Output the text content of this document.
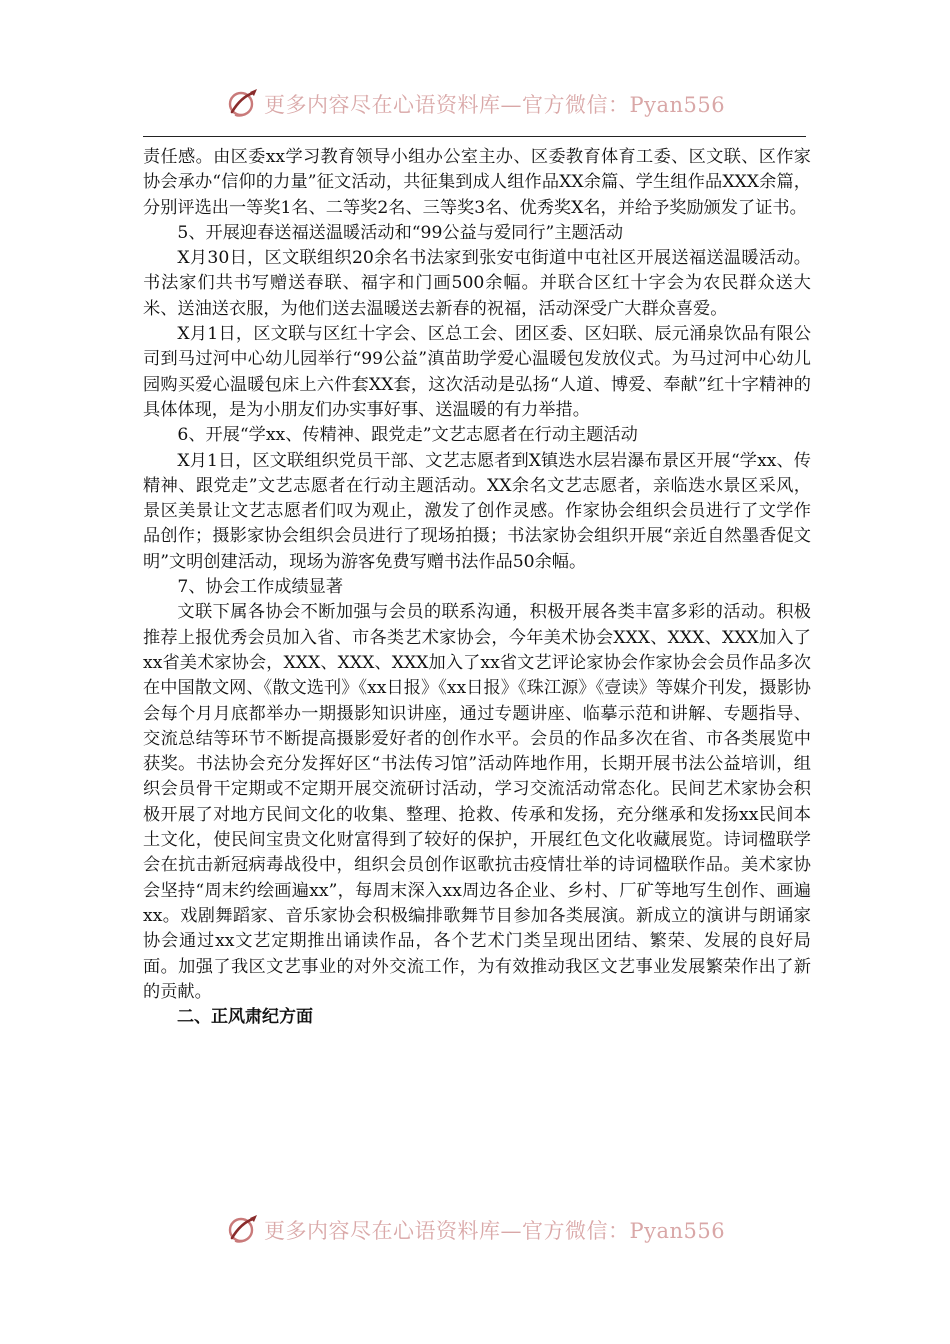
更多内容尽在心语资料库—官方微信：Pyan556

责任感。由区委xx学习教育领导小组办公室主办、区委教育体育工委、区文联、区作家协会承办“信仰的力量”征文活动，共征集到成人组作品XX余篇、学生组作品XXX余篇，分别评选出一等奖1名、二等奖2名、三等奖3名、优秀奖X名，并给予奖励颁发了证书。

5、开展迎春送福送温暖活动和“99公益与爱同行”主题活动

X月30日，区文联组织20余名书法家到张安屯街道中屯社区开展送福送温暖活动。书法家们共书写赠送春联、福字和门画500余幅。并联合区红十字会为农民群众送大米、送油送衣服，为他们送去温暖送去新春的祝福，活动深受广大群众喜爱。

X月1日，区文联与区红十字会、区总工会、团区委、区妇联、辰元涌泉饮品有限公司到马过河中心幼儿园举行“99公益”滇苗助学爱心温暖包发放仪式。为马过河中心幼儿园购买爱心温暖包床上六件套XX套，这次活动是弘扬“人道、博爱、奉献”红十字精神的具体体现，是为小朋友们办实事好事、送温暖的有力举措。

6、开展“学xx、传精神、跟党走”文艺志愿者在行动主题活动

X月1日，区文联组织党员干部、文艺志愿者到X镇迭水层岩瀑布景区开展“学xx、传精神、跟党走”文艺志愿者在行动主题活动。XX余名文艺志愿者，亲临迭水景区采风，景区美景让文艺志愿者们叹为观止，激发了创作灵感。作家协会组织会员进行了文学作品创作；摄影家协会组织会员进行了现场拍摄；书法家协会组织开展“亲近自然墨香促文明”文明创建活动，现场为游客免费写赠书法作品50余幅。

7、协会工作成绩显著

文联下属各协会不断加强与会员的联系沟通，积极开展各类丰富多彩的活动。积极推荐上报优秀会员加入省、市各类艺术家协会，今年美术协会XXX、XXX、XXX加入了xx省美术家协会，XXX、XXX、XXX加入了xx省文艺评论家协会作家协会会员作品多次在中国散文网、《散文选刊》《xx日报》《xx日报》《珠江源》《壹读》等媒介刊发，摄影协会每个月月底都举办一期摄影知识讲座，通过专题讲座、临摹示范和讲解、专题指导、交流总结等环节不断提高摄影爱好者的创作水平。会员的作品多次在省、市各类展览中获奖。书法协会充分发挥好区“书法传习馆”活动阵地作用，长期开展书法公益培训，组织会员骨干定期或不定期开展交流研讨活动，学习交流活动常态化。民间艺术家协会积极开展了对地方民间文化的收集、整理、抢救、传承和发扬，充分继承和发扬xx民间本土文化，使民间宝贵文化财富得到了较好的保护，开展红色文化收藏展览。诗词楹联学会在抗击新冠病毒战役中，组织会员创作讴歌抗击疫情壮举的诗词楹联作品。美术家协会坚持“周末约绘画遍xx”，每周末深入xx周边各企业、乡村、厂矿等地写生创作、画遍xx。戏剧舞蹈家、音乐家协会积极编排歌舞节目参加各类展演。新成立的演讲与朗诵家协会通过xx文艺定期推出诵读作品，各个艺术门类呈现出团结、繁荣、发展的良好局面。加强了我区文艺事业的对外交流工作，为有效推动我区文艺事业发展繁荣作出了新的贡献。

二、正风肃纪方面

更多内容尽在心语资料库—官方微信：Pyan556
